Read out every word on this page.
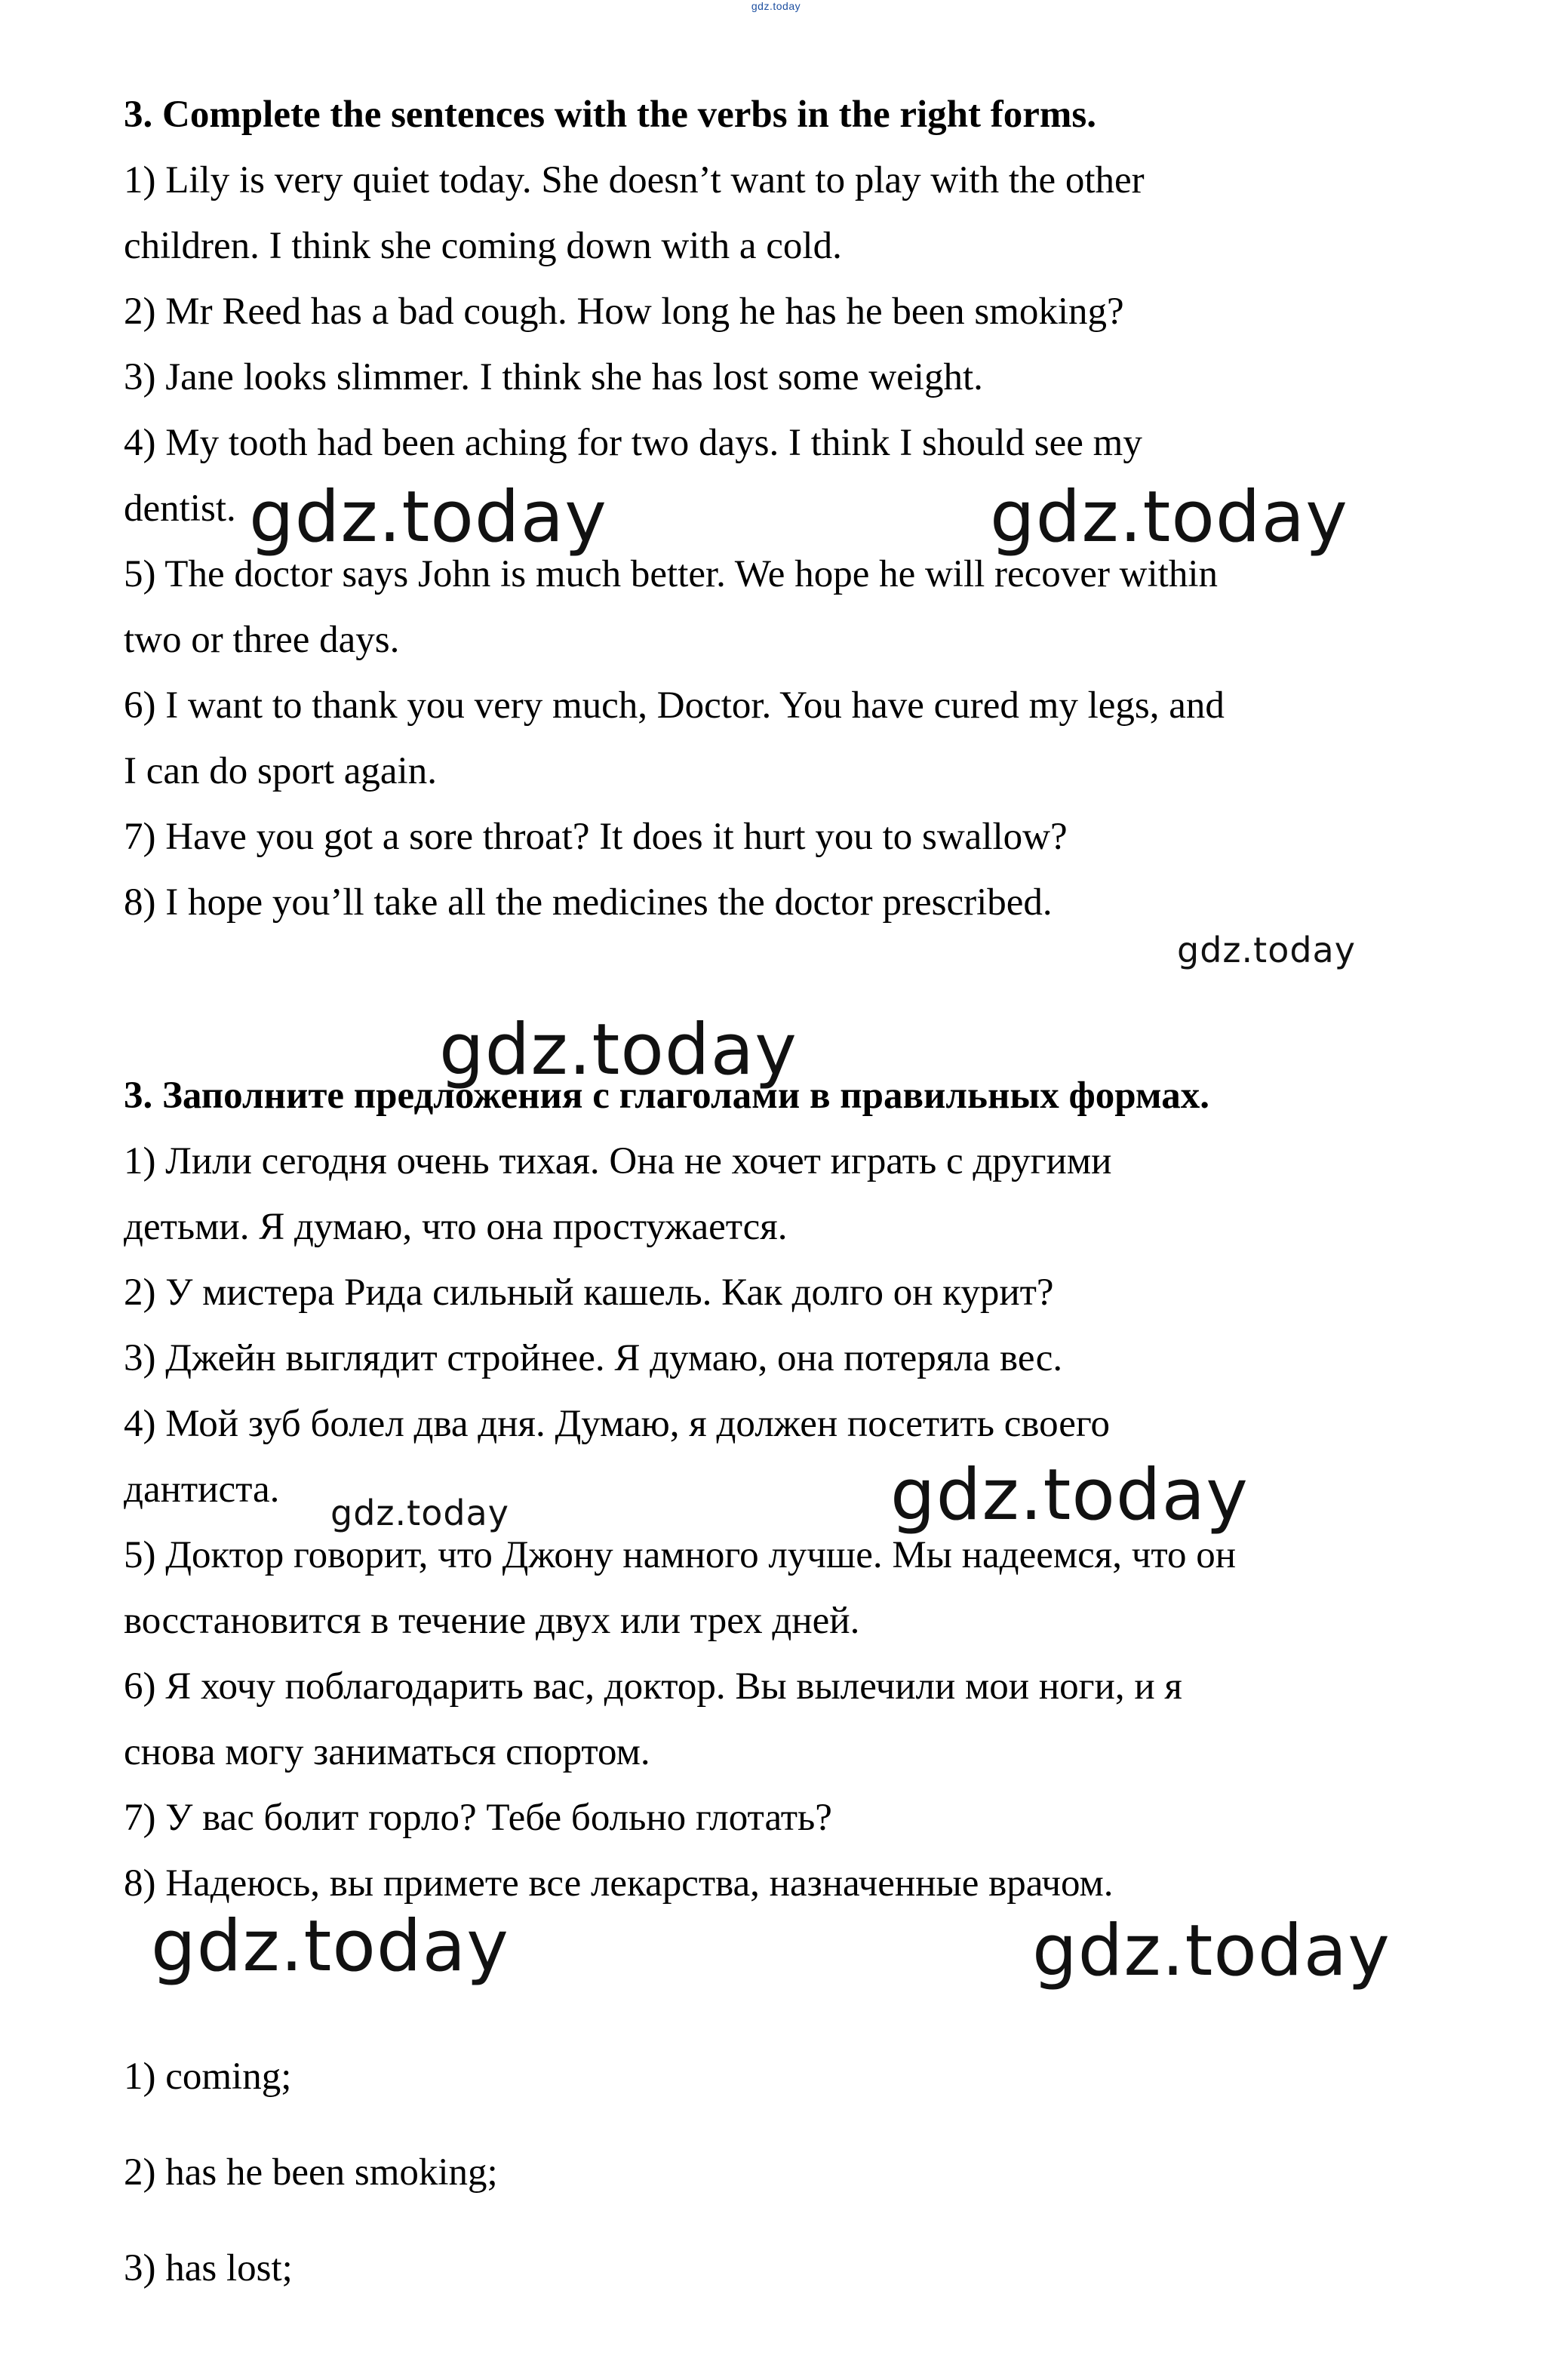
gdz.today
3. Complete the sentences with the verbs in the right forms.
1) Lily is very quiet today. She doesn’t want to play with the other
children. I think she coming down with a cold.
2) Mr Reed has a bad cough. How long he has he been smoking?
3) Jane looks slimmer. I think she has lost some weight.
4) My tooth had been aching for two days. I think I should see my
dentist.
5) The doctor says John is much better. We hope he will recover within
two or three days.
6) I want to thank you very much, Doctor. You have cured my legs, and
I can do sport again.
7) Have you got a sore throat? It does it hurt you to swallow?
8) I hope you’ll take all the medicines the doctor prescribed.
3. Заполните предложения с глаголами в правильных формах.
1) Лили сегодня очень тихая. Она не хочет играть с другими
детьми. Я думаю, что она простужается.
2) У мистера Рида сильный кашель. Как долго он курит?
3) Джейн выглядит стройнее. Я думаю, она потеряла вес.
4) Мой зуб болел два дня. Думаю, я должен посетить своего
дантиста.
5) Доктор говорит, что Джону намного лучше. Мы надеемся, что он
восстановится в течение двух или трех дней.
6) Я хочу поблагодарить вас, доктор. Вы вылечили мои ноги, и я
снова могу заниматься спортом.
7) У вас болит горло? Тебе больно глотать?
8) Надеюсь, вы примете все лекарства, назначенные врачом.
1) coming;
2) has he been smoking;
3) has lost;
gdz.today	gdz.today
gdz.today
gdz.today
gdz.today	gdz.today
gdz.today	gdz.today
